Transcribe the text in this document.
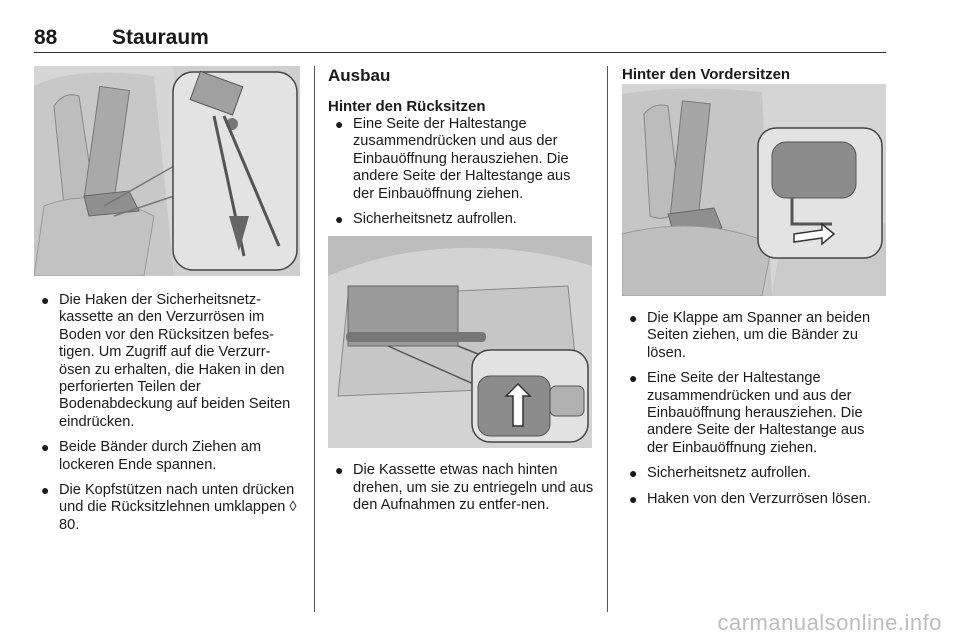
88	Stauraum
● Die Haken der Sicherheitsnetz-kassette an den Verzurrösen im Boden vor den Rücksitzen befes-tigen. Um Zugriff auf die Verzurr-ösen zu erhalten, die Haken in den perforierten Teilen der Bodenabdeckung auf beiden Seiten eindrücken.
● Beide Bänder durch Ziehen am lockeren Ende spannen.
● Die Kopfstützen nach unten drücken und die Rücksitzlehnen umklappen ◊ 80.
Ausbau
Hinter den Rücksitzen
● Eine Seite der Haltestange zusammendrücken und aus der Einbauöffnung herausziehen. Die andere Seite der Haltestange aus der Einbauöffnung ziehen.
● Sicherheitsnetz aufrollen.
● Die Kassette etwas nach hinten drehen, um sie zu entriegeln und aus den Aufnahmen zu entfer-nen.
Hinter den Vordersitzen
● Die Klappe am Spanner an beiden Seiten ziehen, um die Bänder zu lösen.
● Eine Seite der Haltestange zusammendrücken und aus der Einbauöffnung herausziehen. Die andere Seite der Haltestange aus der Einbauöffnung ziehen.
● Sicherheitsnetz aufrollen.
● Haken von den Verzurrösen lösen.
carmanualsonline.info
